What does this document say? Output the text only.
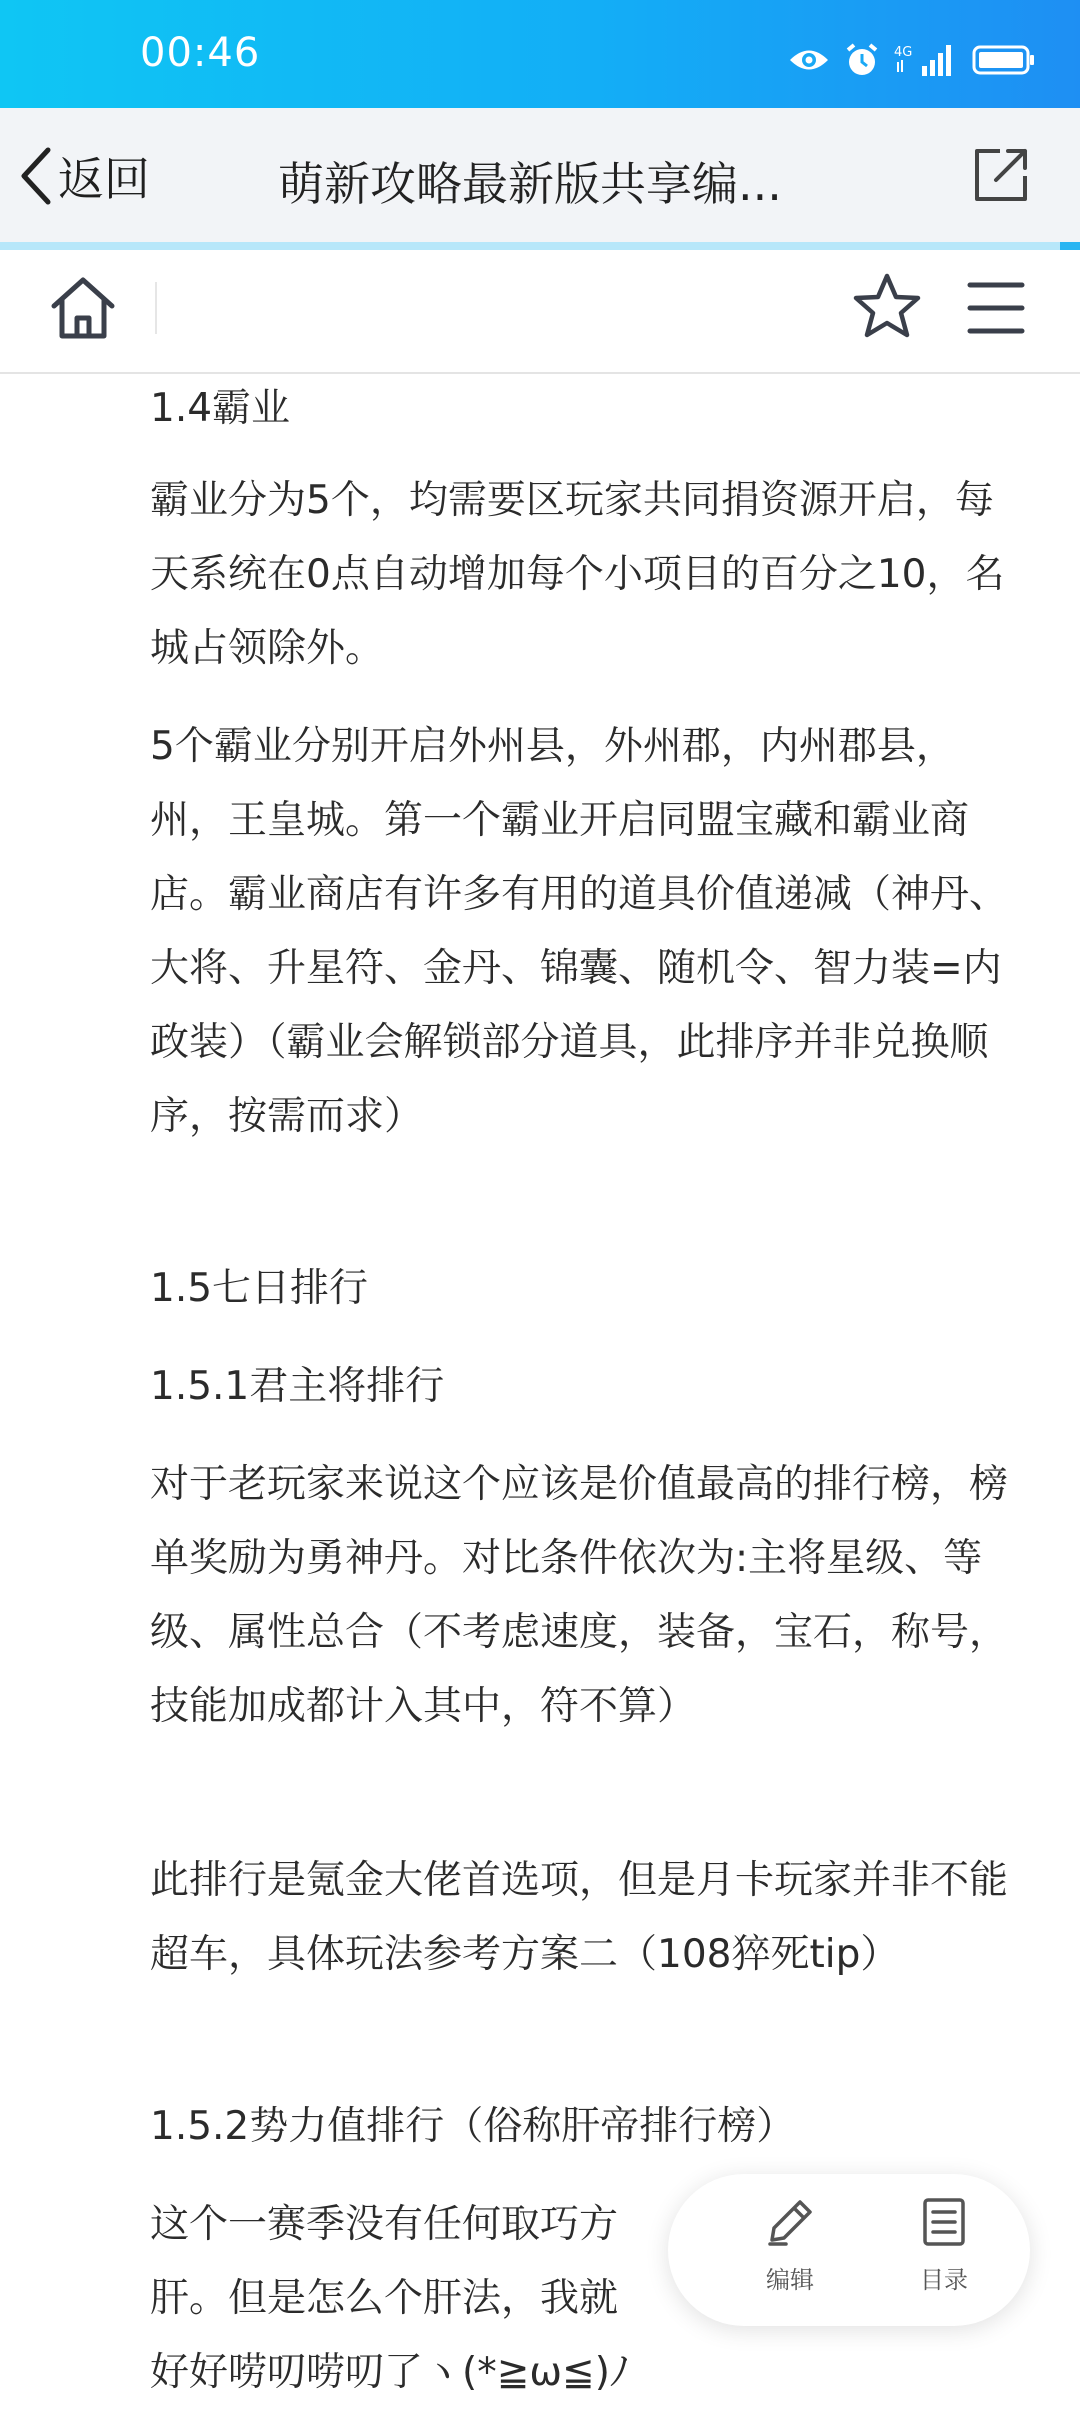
00:46	4G
返回	萌新攻略最新版共享编...

1.4霸业

霸业分为5个，均需要区玩家共同捐资源开启，每天系统在0点自动增加每个小项目的百分之10，名城占领除外。

5个霸业分别开启外州县，外州郡，内州郡县，州，王皇城。第一个霸业开启同盟宝藏和霸业商店。霸业商店有许多有用的道具价值递减（神丹、大将、升星符、金丹、锦囊、随机令、智力装=内政装）（霸业会解锁部分道具，此排序并非兑换顺序，按需而求）

1.5七日排行

1.5.1君主将排行

对于老玩家来说这个应该是价值最高的排行榜，榜单奖励为勇神丹。对比条件依次为:主将星级、等级、属性总合（不考虑速度，装备，宝石，称号，技能加成都计入其中，符不算）

此排行是氪金大佬首选项，但是月卡玩家并非不能超车，具体玩法参考方案二（108猝死tip）

1.5.2势力值排行（俗称肝帝排行榜）

这个一赛季没有任何取巧方

肝。但是怎么个肝法，我就

好好唠叨唠叨了ヽ(*≧ω≦)ﾉ

编辑	目录
